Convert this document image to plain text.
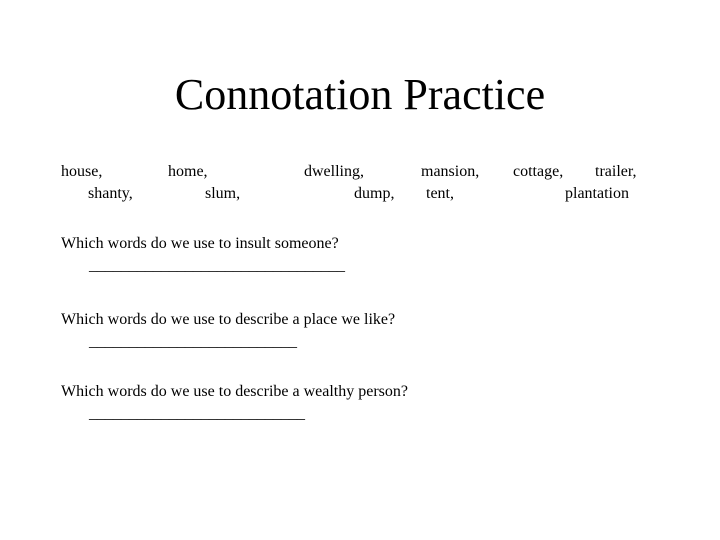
Connotation Practice
house,	home,	dwelling,	mansion, cottage, trailer,
shanty,	slum,	dump, tent,	plantation
Which words do we use to insult someone?
________________________________
Which words do we use to describe a place we like?
__________________________
Which words do we use to describe a wealthy person?
___________________________
